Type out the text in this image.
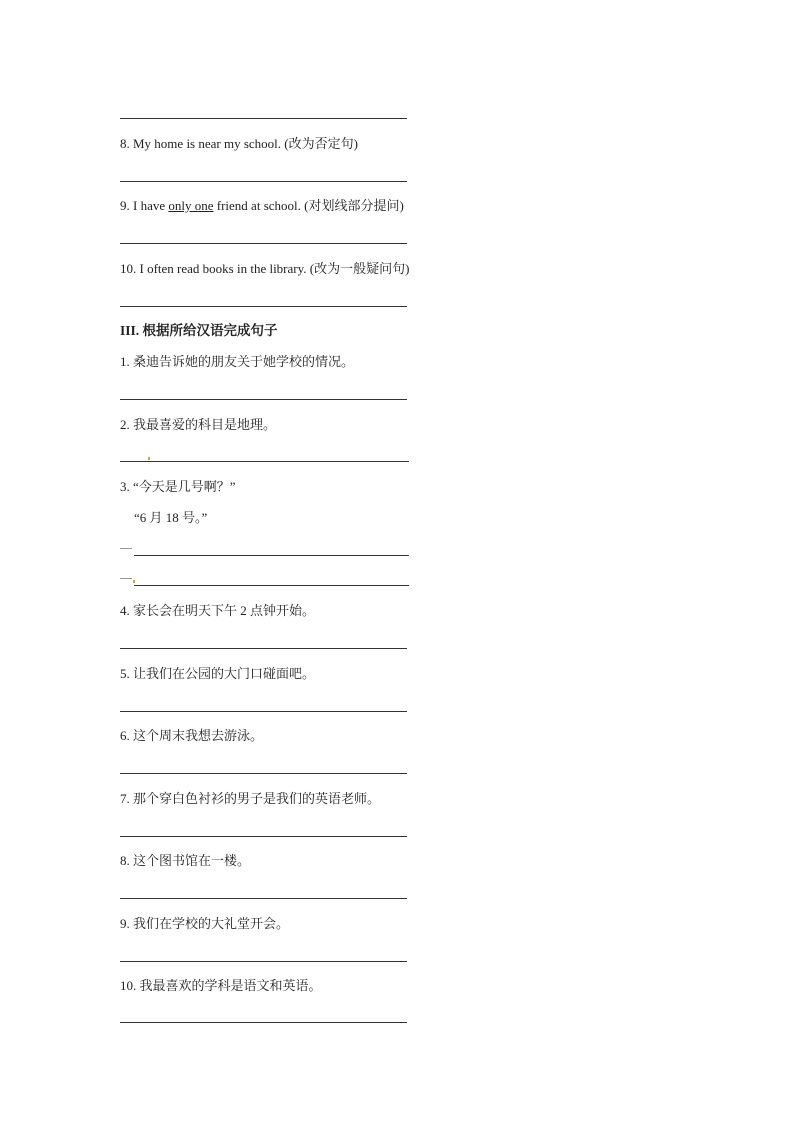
8. My home is near my school. (改为否定句)
9. I have only one friend at school. (对划线部分提问)
10. I often read books in the library. (改为一般疑问句)
III. 根据所给汉语完成句子
1. 桑迪告诉她的朋友关于她学校的情况。
2. 我最喜爱的科目是地理。
3. “今天是几号啊？”
“6 月 18 号。”
4. 家长会在明天下午 2 点钟开始。
5. 让我们在公园的大门口碰面吧。
6. 这个周末我想去游泳。
7. 那个穿白色衬衫的男子是我们的英语老师。
8. 这个图书馆在一楼。
9. 我们在学校的大礼堂开会。
10. 我最喜欢的学科是语文和英语。
